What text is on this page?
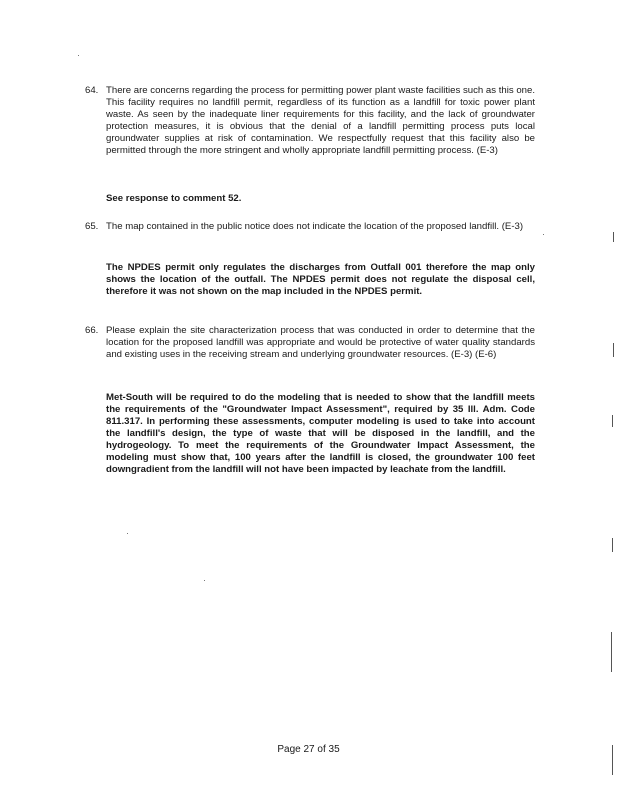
64. There are concerns regarding the process for permitting power plant waste facilities such as this one. This facility requires no landfill permit, regardless of its function as a landfill for toxic power plant waste. As seen by the inadequate liner requirements for this facility, and the lack of groundwater protection measures, it is obvious that the denial of a landfill permitting process puts local groundwater supplies at risk of contamination. We respectfully request that this facility also be permitted through the more stringent and wholly appropriate landfill permitting process. (E-3)
See response to comment 52.
65. The map contained in the public notice does not indicate the location of the proposed landfill. (E-3)
The NPDES permit only regulates the discharges from Outfall 001 therefore the map only shows the location of the outfall. The NPDES permit does not regulate the disposal cell, therefore it was not shown on the map included in the NPDES permit.
66. Please explain the site characterization process that was conducted in order to determine that the location for the proposed landfill was appropriate and would be protective of water quality standards and existing uses in the receiving stream and underlying groundwater resources. (E-3) (E-6)
Met-South will be required to do the modeling that is needed to show that the landfill meets the requirements of the "Groundwater Impact Assessment", required by 35 Ill. Adm. Code 811.317. In performing these assessments, computer modeling is used to take into account the landfill's design, the type of waste that will be disposed in the landfill, and the hydrogeology. To meet the requirements of the Groundwater Impact Assessment, the modeling must show that, 100 years after the landfill is closed, the groundwater 100 feet downgradient from the landfill will not have been impacted by leachate from the landfill.
Page 27 of 35
